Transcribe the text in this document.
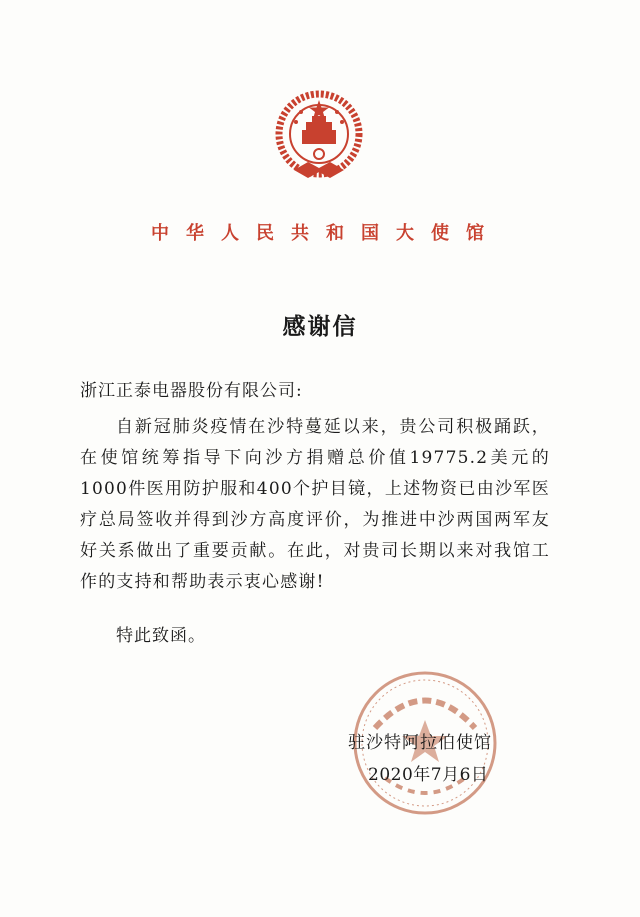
中华人民共和国大使馆
感谢信
浙江正泰电器股份有限公司:

自新冠肺炎疫情在沙特蔓延以来，贵公司积极踊跃，在使馆统筹指导下向沙方捐赠总价值19775.2美元的1000件医用防护服和400个护目镜，上述物资已由沙军医疗总局签收并得到沙方高度评价，为推进中沙两国两军友好关系做出了重要贡献。在此，对贵司长期以来对我馆工作的支持和帮助表示衷心感谢!

特此致函。
驻沙特阿拉伯使馆
2020年7月6日
